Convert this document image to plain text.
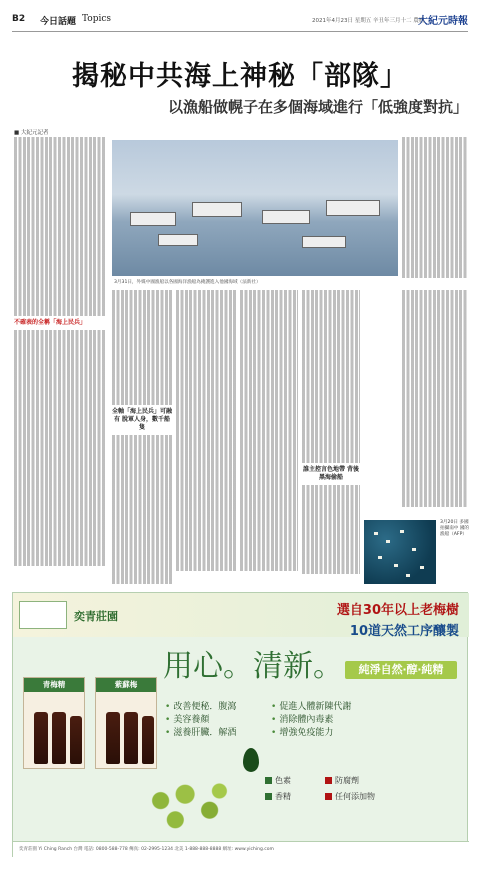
B2 今日話題 Topics	2021年4月23日 星期五 辛丑年三月十二 農曆
大紀元時報
揭秘中共海上神秘「部隊」
以漁船做幌子在多個海域進行「低強度對抗」
■ 大紀元記者
不確表的全稱「海上民兵」
3月31日，外媒中國漁船以各國海洋漁船為掩護進入他國海域（法新社）
全軸「海上民兵」可融有 脫軍人身，數千船隻
誰主控言色地帶 背後黑海偷船
3月20日 多國拍攝南中 國的漁船（AFP）
奕青莊園	選自30年以上老梅樹
10道天然工序釀製
純淨自然‧醇‧純精
用心。清新。
青梅精	紫蘇梅
• 改善便秘．腹瀉
• 美容養顏
• 滋養肝臟．解酒
• 促進人體新陳代謝
• 消除體內毒素
• 增強免疫能力
色素	防腐劑
香精	任何添加物
奕青莊園 Yi Ching Ranch 台灣 電話: 0800-588-778 傳真: 02-2995-1234 北美 1-888-888-8888 網址: www.yiching.com
